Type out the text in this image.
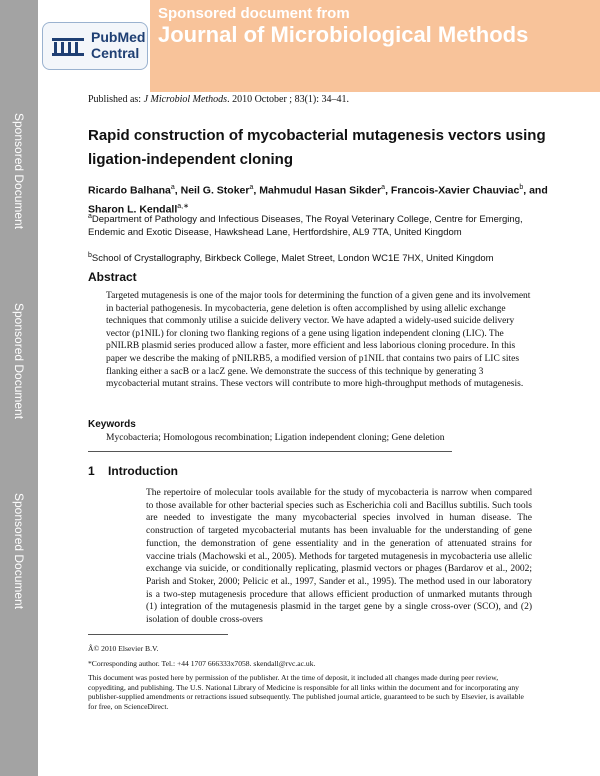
Sponsored Document
Sponsored Document
Sponsored Document
PubMed
Central
Sponsored document from
Journal of Microbiological Methods
Published as: J Microbiol Methods. 2010 October ; 83(1): 34–41.
Rapid construction of mycobacterial mutagenesis vectors using ligation-independent cloning
Ricardo Balhana$^a$, Neil G. Stoker$^a$, Mahmudul Hasan Sikder$^a$, Francois-Xavier Chauviac$^b$, and Sharon L. Kendall$^{a,∗}$
$^a$Department of Pathology and Infectious Diseases, The Royal Veterinary College, Centre for Emerging, Endemic and Exotic Disease, Hawkshead Lane, Hertfordshire, AL9 7TA, United Kingdom
$^b$School of Crystallography, Birkbeck College, Malet Street, London WC1E 7HX, United Kingdom
Abstract
Targeted mutagenesis is one of the major tools for determining the function of a given gene and its involvement in bacterial pathogenesis. In mycobacteria, gene deletion is often accomplished by using allelic exchange techniques that commonly utilise a suicide delivery vector. We have adapted a widely-used suicide delivery vector (p1NIL) for cloning two flanking regions of a gene using ligation independent cloning (LIC). The pNILRB plasmid series produced allow a faster, more efficient and less laborious cloning procedure. In this paper we describe the making of pNILRB5, a modified version of p1NIL that contains two pairs of LIC sites flanking either a sacB or a lacZ gene. We demonstrate the success of this technique by generating 3 mycobacterial mutant strains. These vectors will contribute to more high-throughput methods of mutagenesis.
Keywords
Mycobacteria; Homologous recombination; Ligation independent cloning; Gene deletion
1 Introduction
The repertoire of molecular tools available for the study of mycobacteria is narrow when compared to those available for other bacterial species such as Escherichia coli and Bacillus subtilis. Such tools are needed to investigate the many mycobacterial species involved in human disease. The construction of targeted mycobacterial mutants has been invaluable for the understanding of gene function, the demonstration of gene essentiality and in the generation of attenuated strains for vaccine trials (Machowski et al., 2005). Methods for targeted mutagenesis in mycobacteria use allelic exchange via suicide, or conditionally replicating, plasmid vectors or phages (Bardarov et al., 2002; Parish and Stoker, 2000; Pelicic et al., 1997, Sander et al., 1995). The method used in our laboratory is a two-step mutagenesis procedure that allows efficient production of unmarked mutants through (1) integration of the mutagenesis plasmid in the target gene by a single cross-over (SCO), and (2) isolation of double cross-overs
Â© 2010 Elsevier B.V.
*Corresponding author. Tel.: +44 1707 666333x7058. skendall@rvc.ac.uk.
This document was posted here by permission of the publisher. At the time of deposit, it included all changes made during peer review, copyediting, and publishing. The U.S. National Library of Medicine is responsible for all links within the document and for incorporating any publisher-supplied amendments or retractions issued subsequently. The published journal article, guaranteed to be such by Elsevier, is available for free, on ScienceDirect.
